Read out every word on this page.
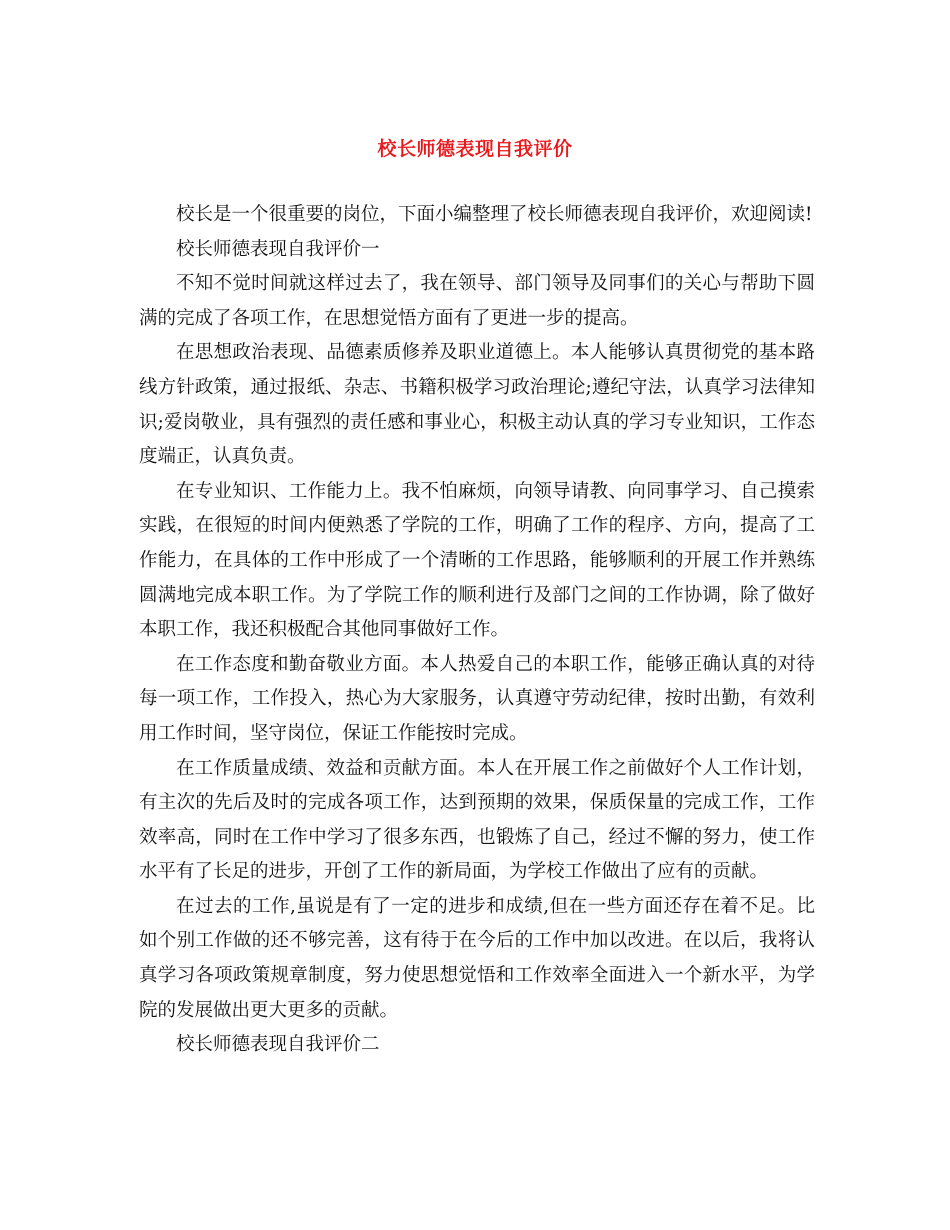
校长师德表现自我评价

校长是一个很重要的岗位，下面小编整理了校长师德表现自我评价，欢迎阅读!

校长师德表现自我评价一

不知不觉时间就这样过去了，我在领导、部门领导及同事们的关心与帮助下圆满的完成了各项工作，在思想觉悟方面有了更进一步的提高。

在思想政治表现、品德素质修养及职业道德上。本人能够认真贯彻党的基本路线方针政策，通过报纸、杂志、书籍积极学习政治理论;遵纪守法，认真学习法律知识;爱岗敬业，具有强烈的责任感和事业心，积极主动认真的学习专业知识，工作态度端正，认真负责。

在专业知识、工作能力上。我不怕麻烦，向领导请教、向同事学习、自己摸索实践，在很短的时间内便熟悉了学院的工作，明确了工作的程序、方向，提高了工作能力，在具体的工作中形成了一个清晰的工作思路，能够顺利的开展工作并熟练圆满地完成本职工作。为了学院工作的顺利进行及部门之间的工作协调，除了做好本职工作，我还积极配合其他同事做好工作。

在工作态度和勤奋敬业方面。本人热爱自己的本职工作，能够正确认真的对待每一项工作，工作投入，热心为大家服务，认真遵守劳动纪律，按时出勤，有效利用工作时间，坚守岗位，保证工作能按时完成。

在工作质量成绩、效益和贡献方面。本人在开展工作之前做好个人工作计划，有主次的先后及时的完成各项工作，达到预期的效果，保质保量的完成工作，工作效率高，同时在工作中学习了很多东西，也锻炼了自己，经过不懈的努力，使工作水平有了长足的进步，开创了工作的新局面，为学校工作做出了应有的贡献。

在过去的工作,虽说是有了一定的进步和成绩,但在一些方面还存在着不足。比如个别工作做的还不够完善，这有待于在今后的工作中加以改进。在以后，我将认真学习各项政策规章制度，努力使思想觉悟和工作效率全面进入一个新水平，为学院的发展做出更大更多的贡献。

校长师德表现自我评价二
